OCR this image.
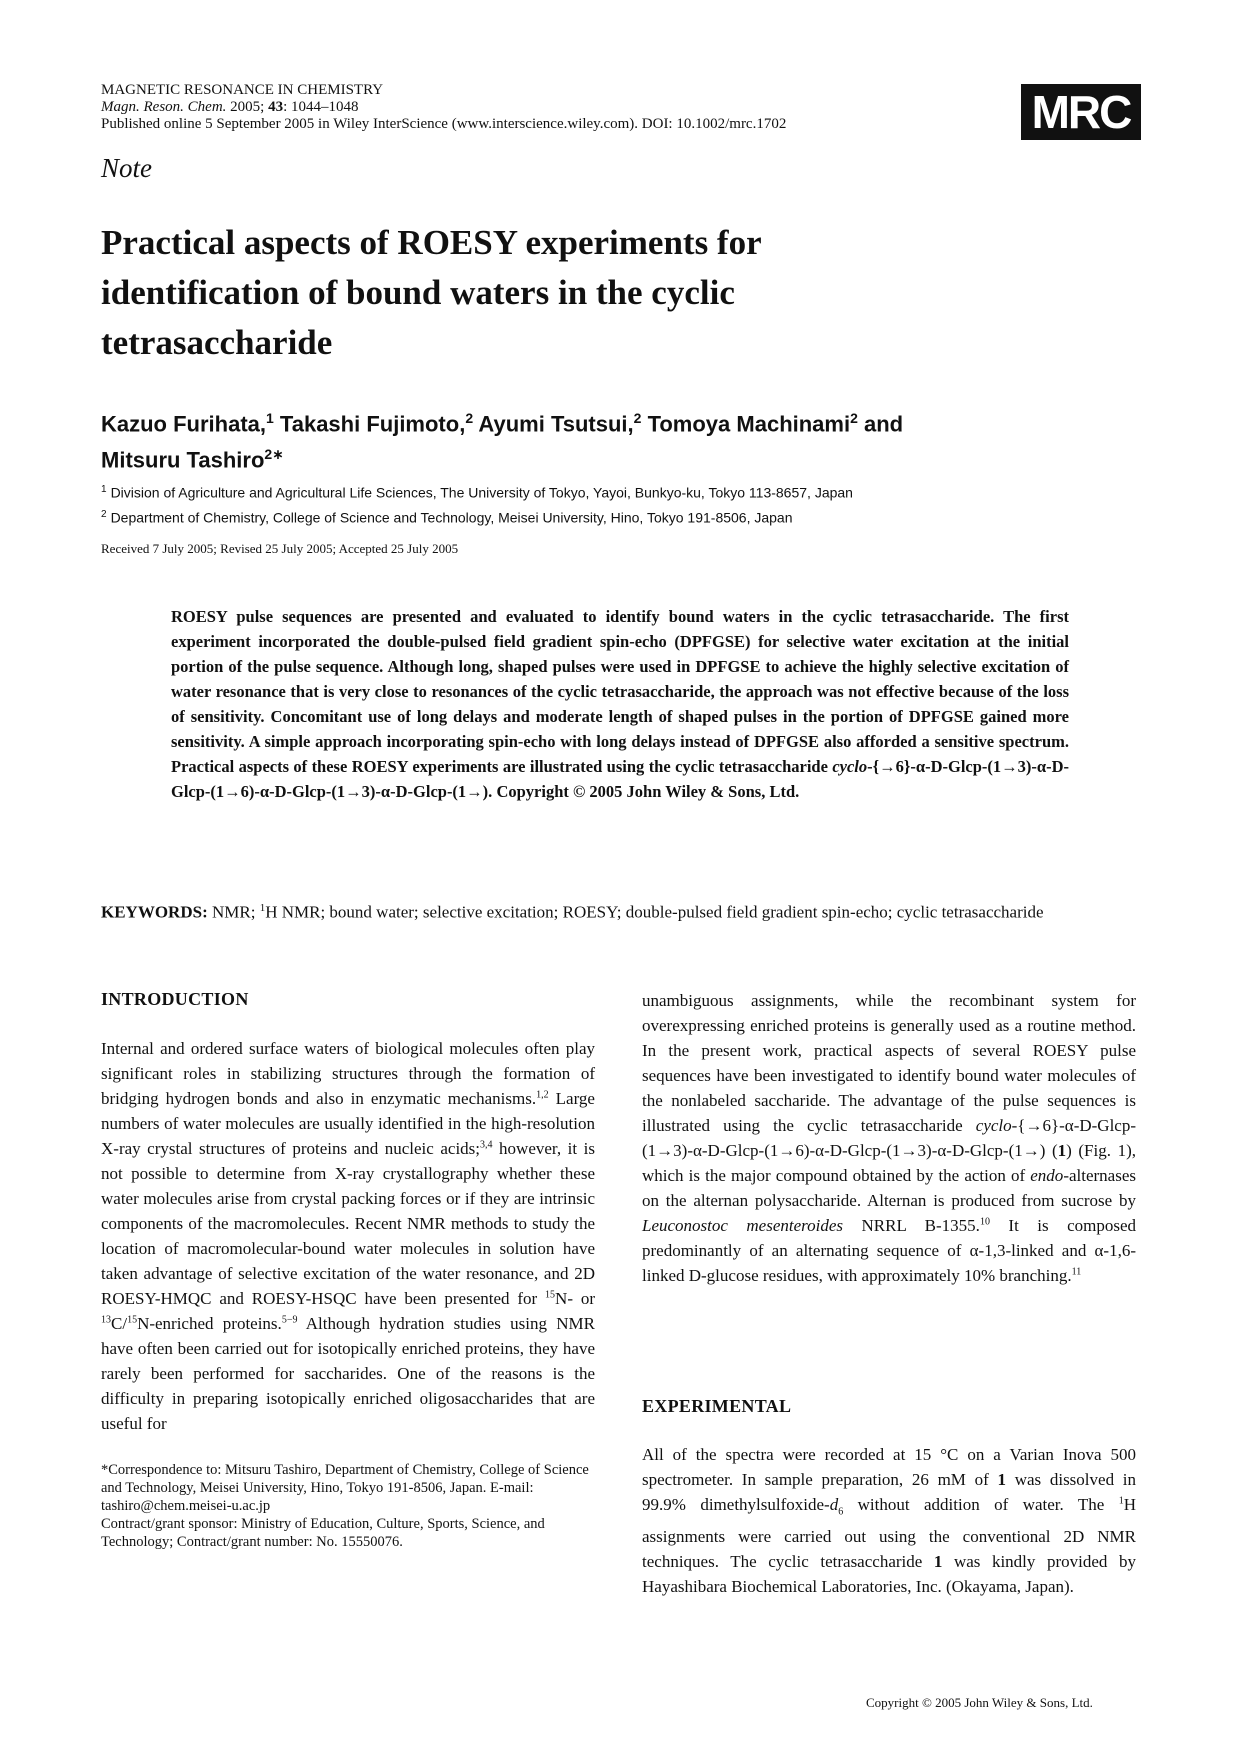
MAGNETIC RESONANCE IN CHEMISTRY
Magn. Reson. Chem. 2005; 43: 1044–1048
Published online 5 September 2005 in Wiley InterScience (www.interscience.wiley.com). DOI: 10.1002/mrc.1702	MRC
Note
Practical aspects of ROESY experiments for
identification of bound waters in the cyclic
tetrasaccharide
Kazuo Furihata,$^1$ Takashi Fujimoto,$^2$ Ayumi Tsutsui,$^2$ Tomoya Machinami$^2$ and
Mitsuru Tashiro$^{2∗}$
$^1$ Division of Agriculture and Agricultural Life Sciences, The University of Tokyo, Yayoi, Bunkyo-ku, Tokyo 113-8657, Japan
$^2$ Department of Chemistry, College of Science and Technology, Meisei University, Hino, Tokyo 191-8506, Japan
Received 7 July 2005; Revised 25 July 2005; Accepted 25 July 2005
ROESY pulse sequences are presented and evaluated to identify bound waters in the cyclic tetrasaccharide. The first experiment incorporated the double-pulsed field gradient spin-echo (DPFGSE) for selective water excitation at the initial portion of the pulse sequence. Although long, shaped pulses were used in DPFGSE to achieve the highly selective excitation of water resonance that is very close to resonances of the cyclic tetrasaccharide, the approach was not effective because of the loss of sensitivity. Concomitant use of long delays and moderate length of shaped pulses in the portion of DPFGSE gained more sensitivity. A simple approach incorporating spin-echo with long delays instead of DPFGSE also afforded a sensitive spectrum. Practical aspects of these ROESY experiments are illustrated using the cyclic tetrasaccharide cyclo-{→6}-α-D-Glcp-(1→3)-α-D-Glcp-(1→6)-α-D-Glcp-(1→3)-α-D-Glcp-(1→). Copyright © 2005 John Wiley & Sons, Ltd.
KEYWORDS: NMR; $^1$H NMR; bound water; selective excitation; ROESY; double-pulsed field gradient spin-echo; cyclic tetrasaccharide
INTRODUCTION
Internal and ordered surface waters of biological molecules often play significant roles in stabilizing structures through the formation of bridging hydrogen bonds and also in enzymatic mechanisms.$^{1,2}$ Large numbers of water molecules are usually identified in the high-resolution X-ray crystal structures of proteins and nucleic acids;$^{3,4}$ however, it is not possible to determine from X-ray crystallography whether these water molecules arise from crystal packing forces or if they are intrinsic components of the macromolecules. Recent NMR methods to study the location of macromolecular-bound water molecules in solution have taken advantage of selective excitation of the water resonance, and 2D ROESY-HMQC and ROESY-HSQC have been presented for $^{15}$N- or $^{13}$C/$^{15}$N-enriched proteins.$^{5-9}$ Although hydration studies using NMR have often been carried out for isotopically enriched proteins, they have rarely been performed for saccharides. One of the reasons is the difficulty in preparing isotopically enriched oligosaccharides that are useful for
unambiguous assignments, while the recombinant system for overexpressing enriched proteins is generally used as a routine method. In the present work, practical aspects of several ROESY pulse sequences have been investigated to identify bound water molecules of the nonlabeled saccharide. The advantage of the pulse sequences is illustrated using the cyclic tetrasaccharide cyclo-{→6}-α-D-Glcp-(1→3)-α-D-Glcp-(1→6)-α-D-Glcp-(1→3)-α-D-Glcp-(1→) (1) (Fig. 1), which is the major compound obtained by the action of endo-alternases on the alternan polysaccharide. Alternan is produced from sucrose by Leuconostoc mesenteroides NRRL B-1355.10 It is composed predominantly of an alternating sequence of α-1,3-linked and α-1,6-linked D-glucose residues, with approximately 10% branching.$^{11}$
EXPERIMENTAL
All of the spectra were recorded at 15 °C on a Varian Inova 500 spectrometer. In sample preparation, 26 mM of 1 was dissolved in 99.9% dimethylsulfoxide-$d_6$ without addition of water. The $^1$H assignments were carried out using the conventional 2D NMR techniques. The cyclic tetrasaccharide 1 was kindly provided by Hayashibara Biochemical Laboratories, Inc. (Okayama, Japan).
*Correspondence to: Mitsuru Tashiro, Department of Chemistry, College of Science and Technology, Meisei University, Hino, Tokyo 191-8506, Japan. E-mail: tashiro@chem.meisei-u.ac.jp
Contract/grant sponsor: Ministry of Education, Culture, Sports, Science, and Technology; Contract/grant number: No. 15550076.
Copyright © 2005 John Wiley & Sons, Ltd.
